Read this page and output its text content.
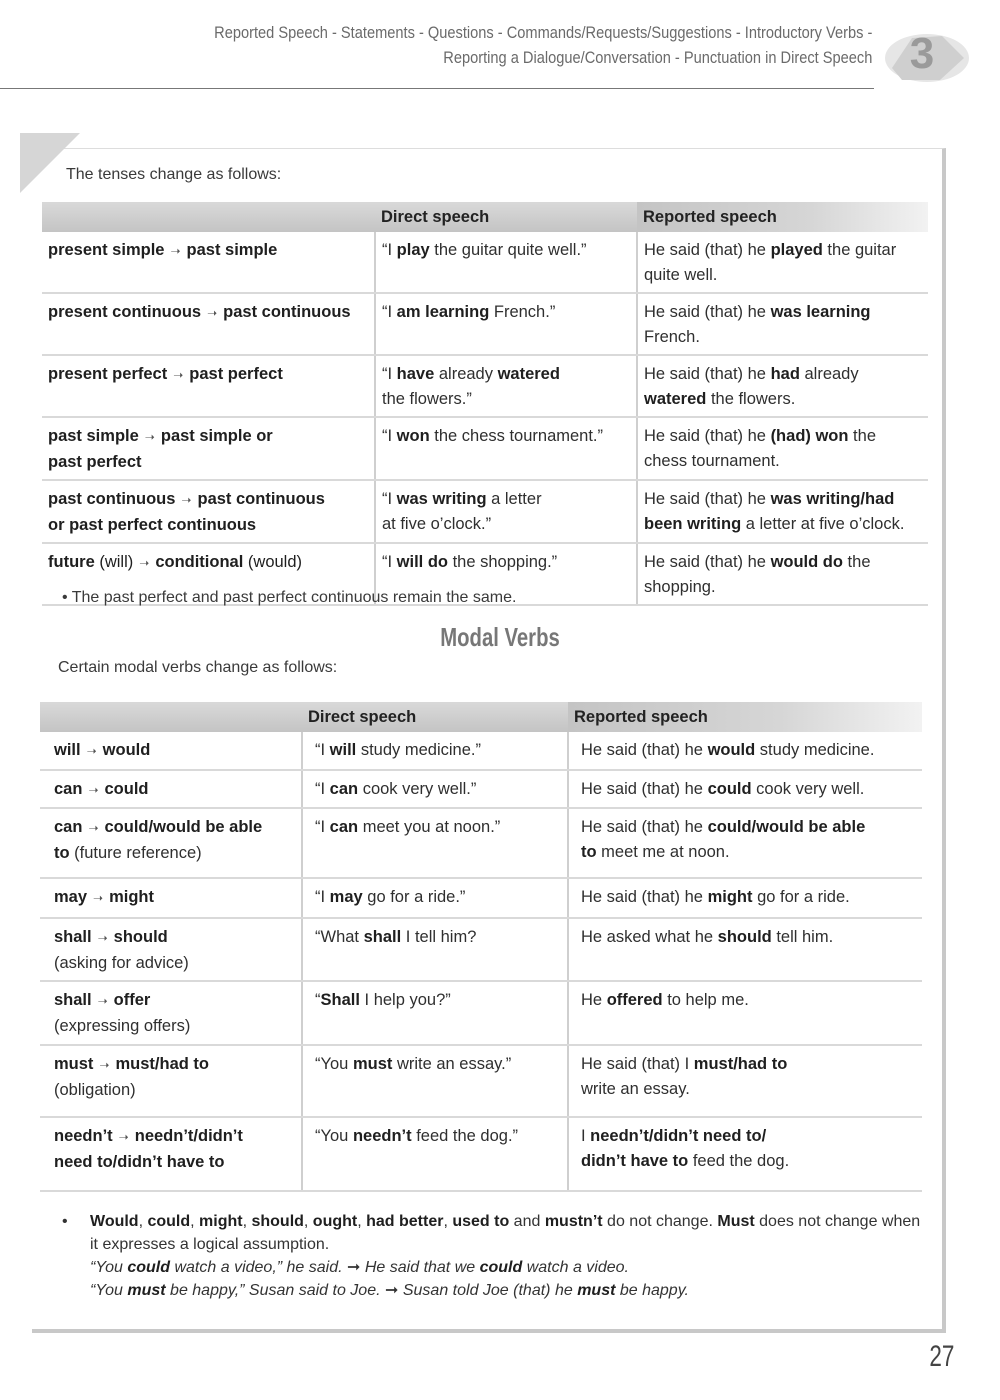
Reported Speech - Statements - Questions - Commands/Requests/Suggestions - Introductory Verbs -
Reporting a Dialogue/Conversation - Punctuation in Direct Speech 3
The tenses change as follows:
	Direct speech	Reported speech
present simple ➝ past simple	“I play the guitar quite well.”	He said (that) he played the guitar
quite well.
present continuous ➝ past continuous	“I am learning French.”	He said (that) he was learning
French.
present perfect ➝ past perfect	“I have already watered
the flowers.”	He said (that) he had already
watered the flowers.
past simple ➝ past simple or
past perfect	“I won the chess tournament.”	He said (that) he (had) won the
chess tournament.
past continuous ➝ past continuous
or past perfect continuous	“I was writing a letter
at five o’clock.”	He said (that) he was writing/had
been writing a letter at five o’clock.
future (will) ➝ conditional (would)	“I will do the shopping.”	He said (that) he would do the
shopping.
• The past perfect and past perfect continuous remain the same.
Modal Verbs
Certain modal verbs change as follows:
	Direct speech	Reported speech
will ➝ would	“I will study medicine.”	He said (that) he would study medicine.
can ➝ could	“I can cook very well.”	He said (that) he could cook very well.
can ➝ could/would be able
to (future reference)	“I can meet you at noon.”	He said (that) he could/would be able
to meet me at noon.
may ➝ might	“I may go for a ride.”	He said (that) he might go for a ride.
shall ➝ should
(asking for advice)	“What shall I tell him?	He asked what he should tell him.
shall ➝ offer
(expressing offers)	“Shall I help you?”	He offered to help me.
must ➝ must/had to
(obligation)	“You must write an essay.”	He said (that) I must/had to
write an essay.
needn’t ➝ needn’t/didn’t
need to/didn’t have to	“You needn’t feed the dog.”	I needn’t/didn’t need to/
didn’t have to feed the dog.
• Would, could, might, should, ought, had better, used to and mustn’t do not change. Must does not change when it expresses a logical assumption.
“You could watch a video,” he said. ➞ He said that we could watch a video.
“You must be happy,” Susan said to Joe. ➞ Susan told Joe (that) he must be happy.
27
